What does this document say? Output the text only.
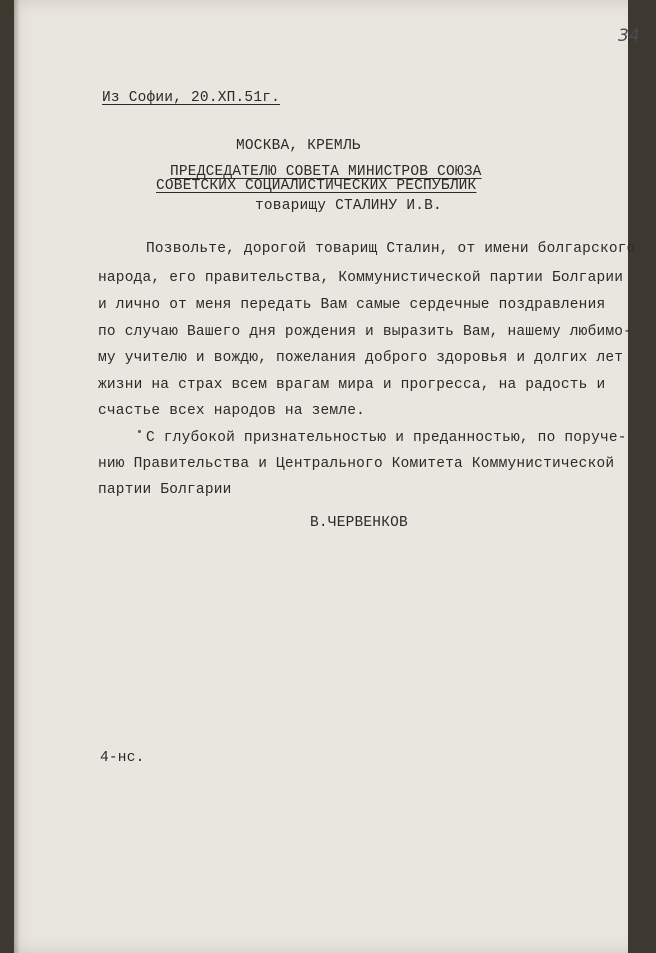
34
Из Софии, 20.XП.51г.
МОСКВА, КРЕМЛЬ
ПРЕДСЕДАТЕЛЮ СОВЕТА МИНИСТРОВ СОЮЗА
СОВЕТСКИХ СОЦИАЛИСТИЧЕСКИХ РЕСПУБЛИК
товарищу СТАЛИНУ И.В.
Позвольте, дорогой товарищ Сталин, от имени болгарского
народа, его правительства, Коммунистической партии Болгарии
и лично от меня передать Вам самые сердечные поздравления
по случаю Вашего дня рождения и выразить Вам, нашему любимо-
му учителю и вождю, пожелания доброго здоровья и долгих лет
жизни на страх всем врагам мира и прогресса, на радость и
счастье всех народов на земле.
С глубокой признательностью и преданностью, по поруче-
нию Правительства и Центрального Комитета Коммунистической
партии Болгарии
В.ЧЕРВЕНКОВ
4-нс.
